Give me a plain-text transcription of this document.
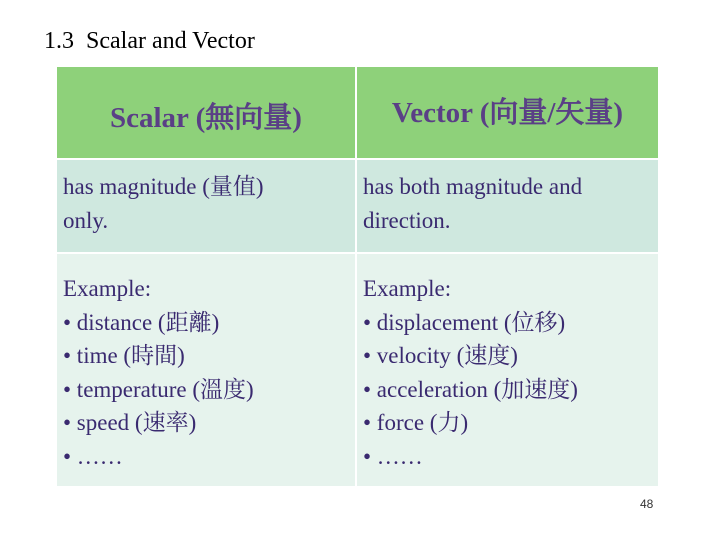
1.3  Scalar and Vector
Scalar (無向量)	Vector (向量/矢量)
has magnitude (量值)
only.
has both magnitude and
direction.
Example:
• distance (距離)
• time (時間)
• temperature (溫度)
• speed (速率)
• ……
Example:
• displacement (位移)
• velocity (速度)
• acceleration (加速度)
• force (力)
• ……
48
